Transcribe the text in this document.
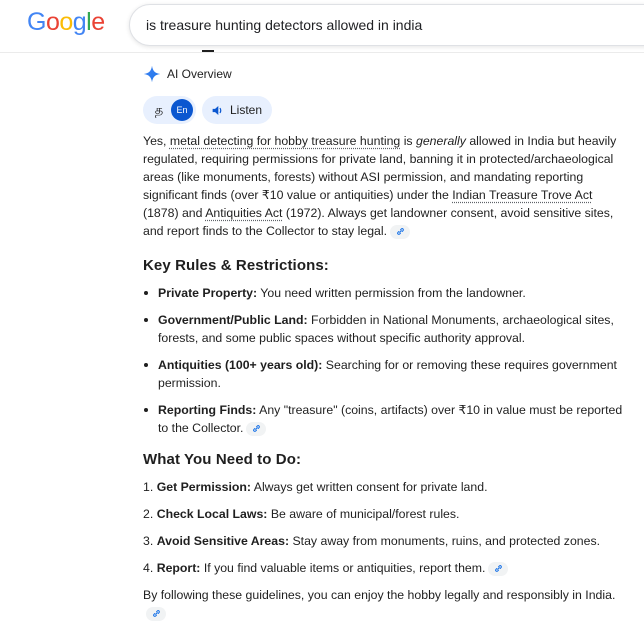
Google	is treasure hunting detectors allowed in india
AI Overview
த	En	Listen

Yes, metal detecting for hobby treasure hunting is generally allowed in India but heavily regulated, requiring permissions for private land, banning it in protected/archaeological areas (like monuments, forests) without ASI permission, and mandating reporting significant finds (over ₹10 value or antiquities) under the Indian Treasure Trove Act (1878) and Antiquities Act (1972). Always get landowner consent, avoid sensitive sites, and report finds to the Collector to stay legal.

Key Rules & Restrictions:
Private Property: You need written permission from the landowner.
Government/Public Land: Forbidden in National Monuments, archaeological sites, forests, and some public spaces without specific authority approval.
Antiquities (100+ years old): Searching for or removing these requires government permission.
Reporting Finds: Any "treasure" (coins, artifacts) over ₹10 in value must be reported to the Collector.
What You Need to Do:
1. Get Permission: Always get written consent for private land.
2. Check Local Laws: Be aware of municipal/forest rules.
3. Avoid Sensitive Areas: Stay away from monuments, ruins, and protected zones.
4. Report: If you find valuable items or antiquities, report them.

By following these guidelines, you can enjoy the hobby legally and responsibly in India.
